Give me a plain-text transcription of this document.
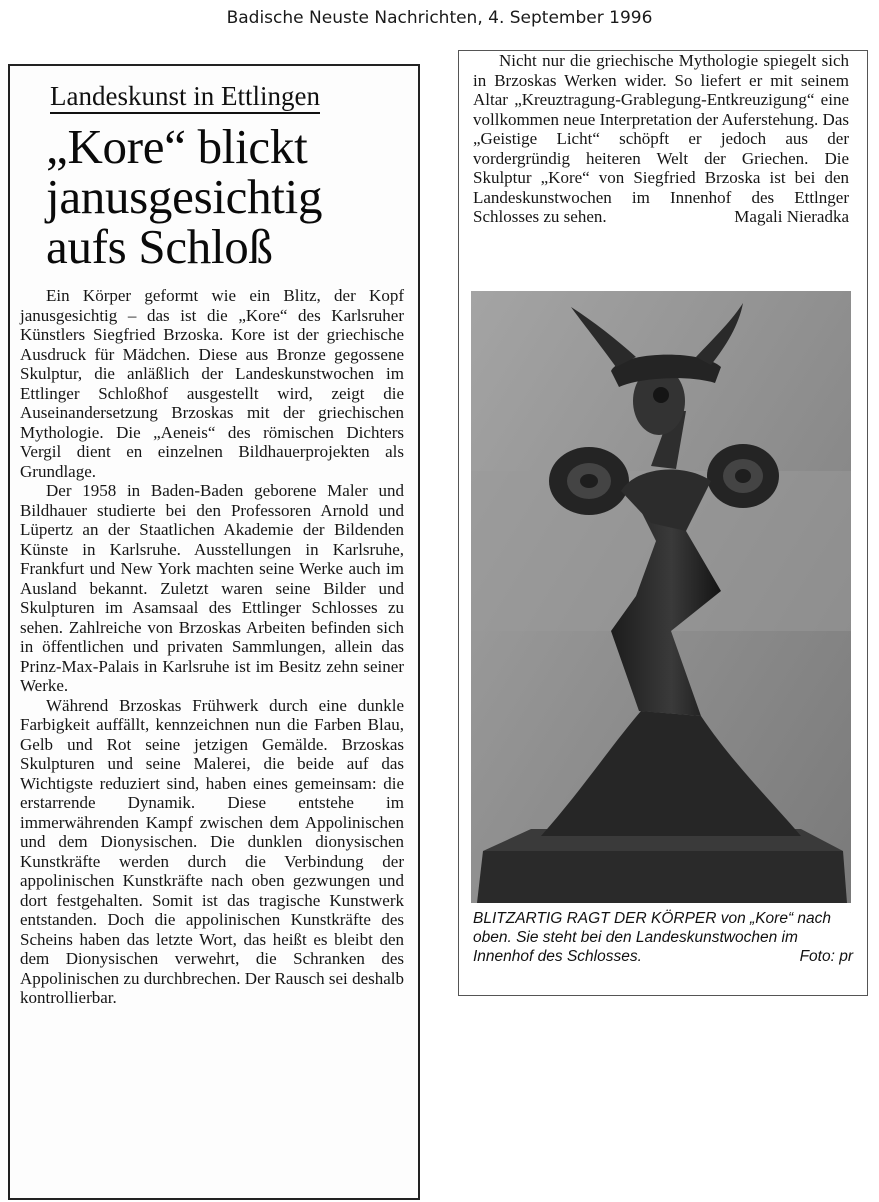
Badische Neuste Nachrichten, 4. September 1996
Landeskunst in Ettlingen
„Kore“ blickt
janusgesichtig
aufs Schloß

Ein Körper geformt wie ein Blitz, der Kopf janusgesichtig – das ist die „Kore“ des Karlsruher Künstlers Siegfried Brzoska. Kore ist der griechische Ausdruck für Mädchen. Diese aus Bronze gegossene Skulptur, die anläßlich der Landeskunstwochen im Ettlinger Schloßhof ausgestellt wird, zeigt die Auseinandersetzung Brzoskas mit der griechischen Mythologie. Die „Aeneis“ des römischen Dichters Vergil dient en einzelnen Bildhauerprojekten als Grundlage.

Der 1958 in Baden-Baden geborene Maler und Bildhauer studierte bei den Professoren Arnold und Lüpertz an der Staatlichen Akademie der Bildenden Künste in Karlsruhe. Ausstellungen in Karlsruhe, Frankfurt und New York machten seine Werke auch im Ausland bekannt. Zuletzt waren seine Bilder und Skulpturen im Asamsaal des Ettlinger Schlosses zu sehen. Zahlreiche von Brzoskas Arbeiten befinden sich in öffentlichen und privaten Sammlungen, allein das Prinz-Max-Palais in Karlsruhe ist im Besitz zehn seiner Werke.

Während Brzoskas Frühwerk durch eine dunkle Farbigkeit auffällt, kennzeichnen nun die Farben Blau, Gelb und Rot seine jetzigen Gemälde. Brzoskas Skulpturen und seine Malerei, die beide auf das Wichtigste reduziert sind, haben eines gemeinsam: die erstarrende Dynamik. Diese entstehe im immerwährenden Kampf zwischen dem Appolinischen und dem Dionysischen. Die dunklen dionysischen Kunstkräfte werden durch die Verbindung der appolinischen Kunstkräfte nach oben gezwungen und dort festgehalten. Somit ist das tragische Kunstwerk entstanden. Doch die appolinischen Kunstkräfte des Scheins haben das letzte Wort, das heißt es bleibt den dem Dionysischen verwehrt, die Schranken des Appolinischen zu durchbrechen. Der Rausch sei deshalb kontrollierbar.

Nicht nur die griechische Mythologie spiegelt sich in Brzoskas Werken wider. So liefert er mit seinem Altar „Kreuztragung-Grablegung-Entkreuzigung“ eine vollkommen neue Interpretation der Auferstehung. Das „Geistige Licht“ schöpft er jedoch aus der vordergründig heiteren Welt der Griechen. Die Skulptur „Kore“ von Siegfried Brzoska ist bei den Landeskunstwochen im Innenhof des Ettlnger Schlosses zu sehen.	Magali Nieradka

BLITZARTIG RAGT DER KÖRPER von „Kore“ nach oben. Sie steht bei den Landeskunstwochen im Innenhof des Schlosses.	Foto: pr
